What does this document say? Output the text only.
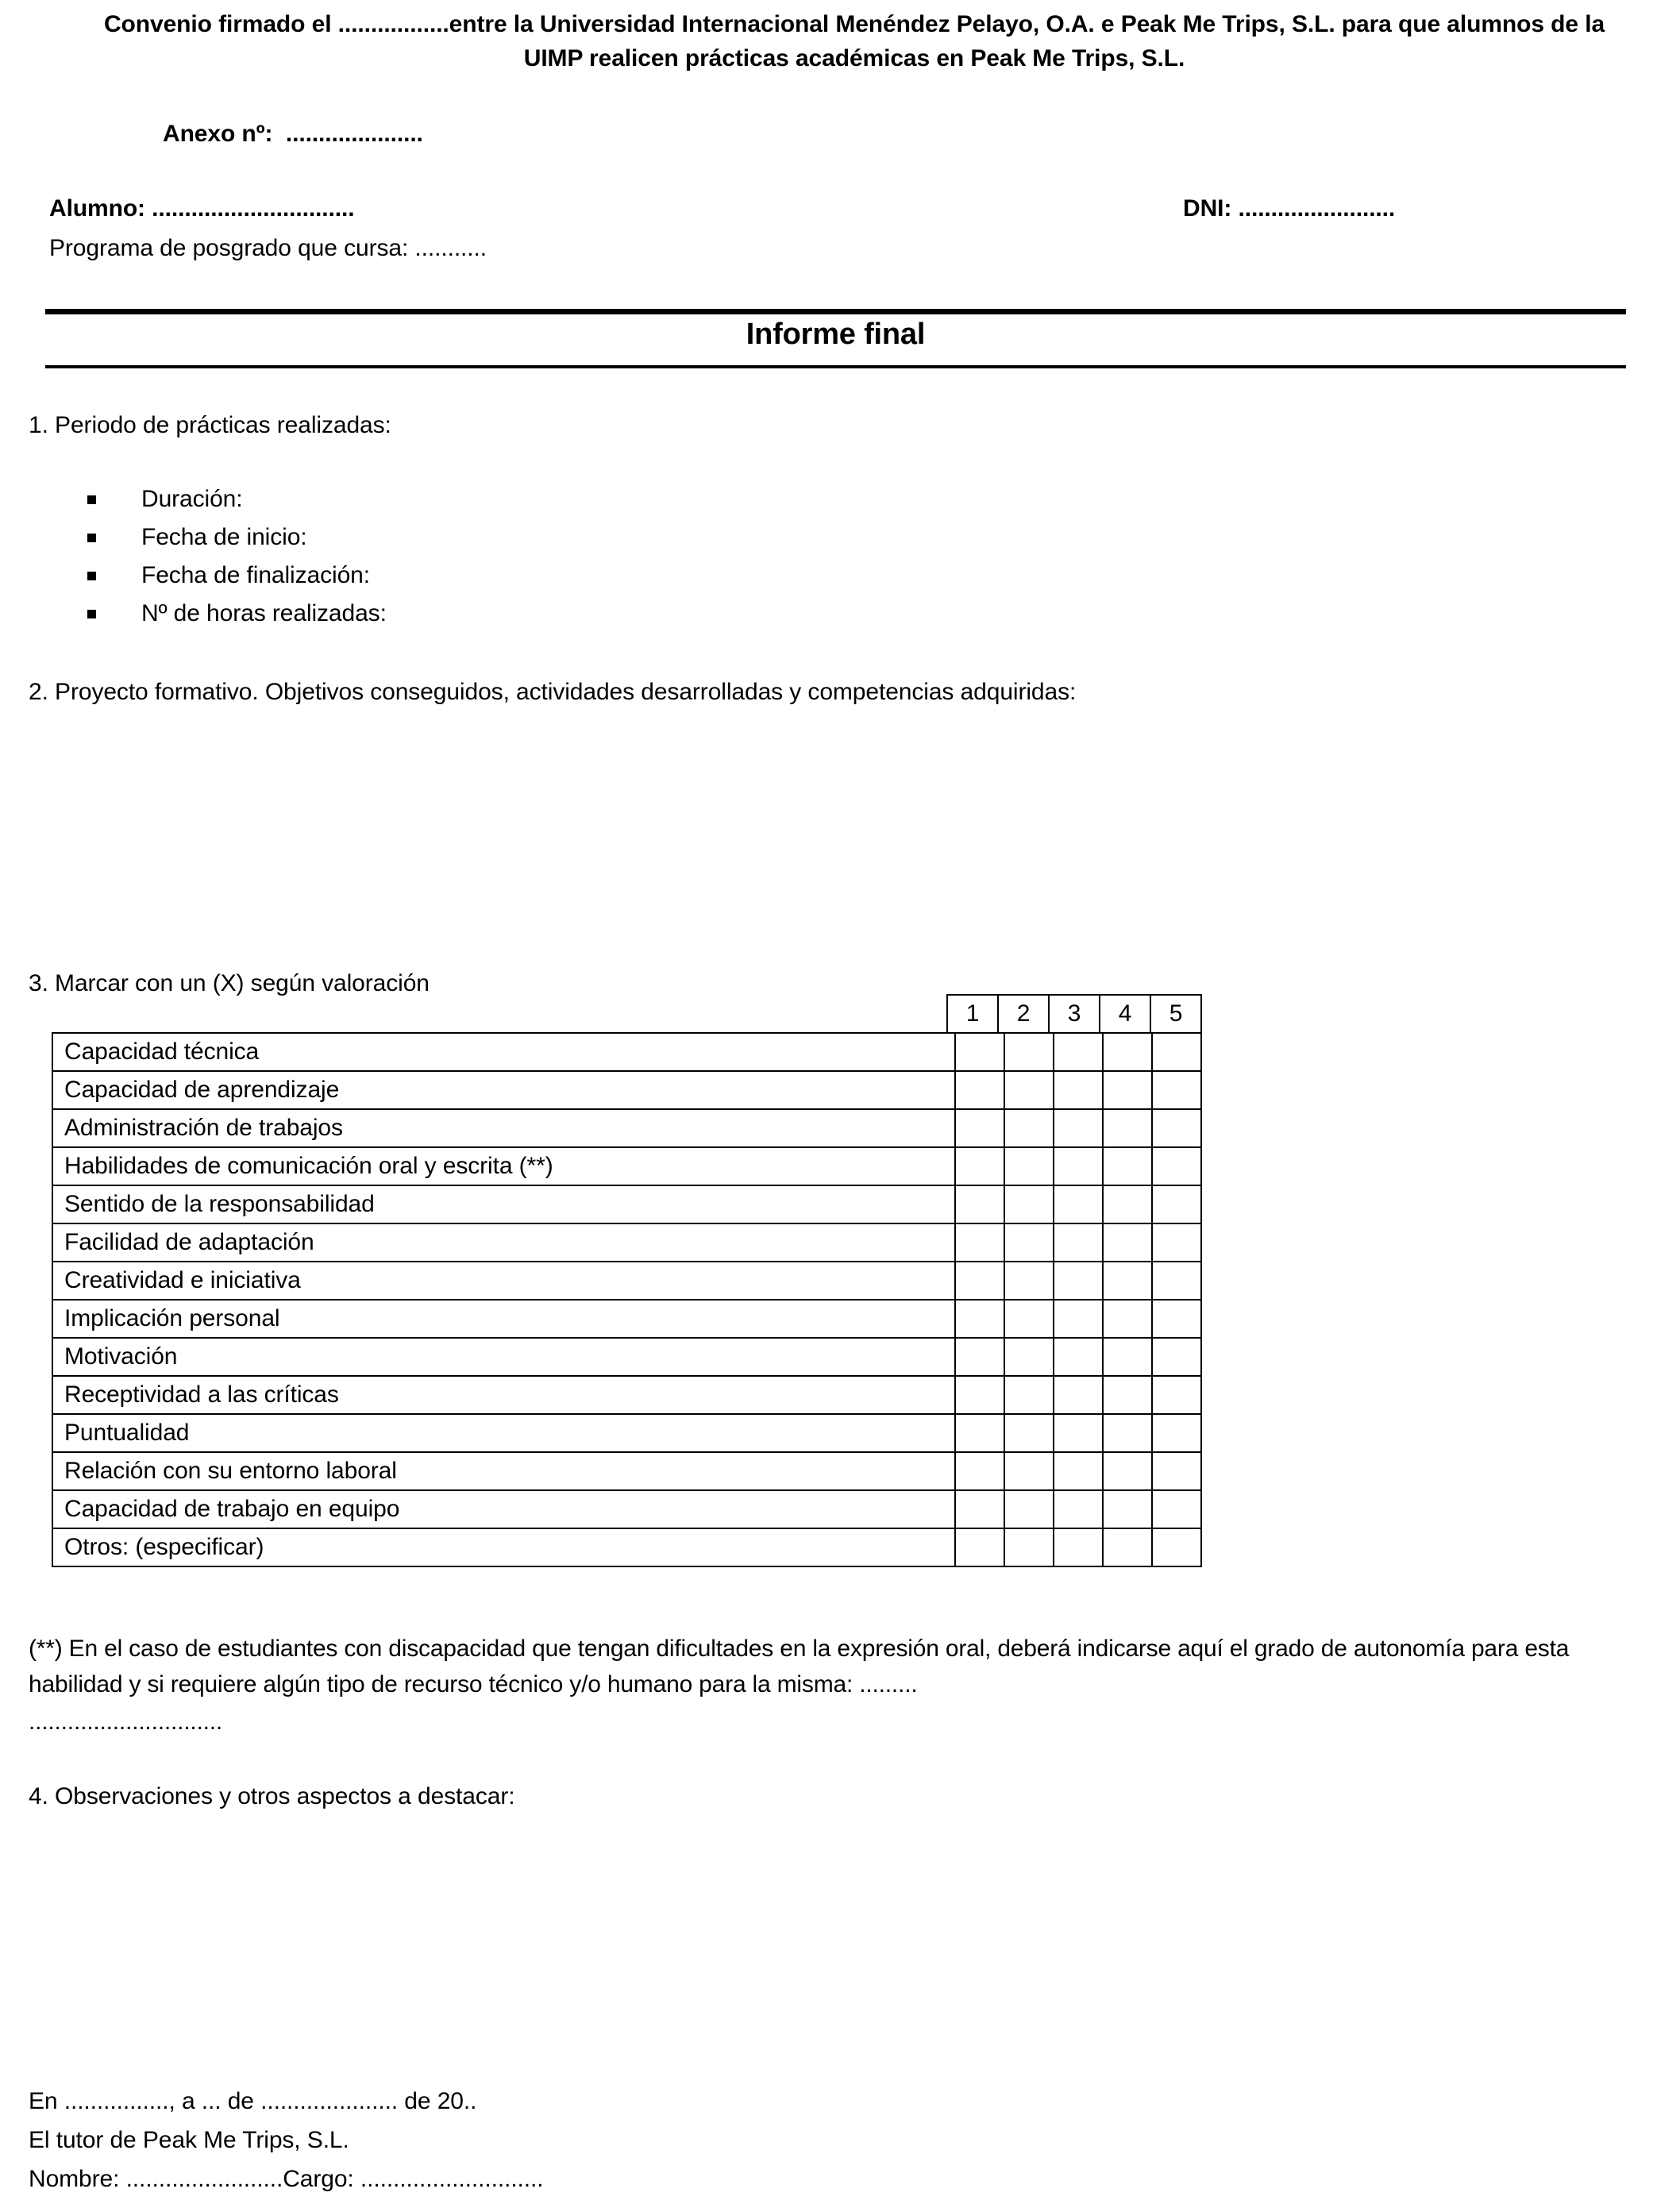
Convenio firmado el .................entre la Universidad Internacional Menéndez Pelayo, O.A. e Peak Me Trips, S.L. para que alumnos de la UIMP realicen prácticas académicas en Peak Me Trips, S.L.
Anexo nº:  .....................
Alumno: ...............................	DNI: ........................
Programa de posgrado que cursa: ...........
Informe final
1. Periodo de prácticas realizadas:
Duración:
Fecha de inicio:
Fecha de finalización:
Nº de horas realizadas:
2. Proyecto formativo. Objetivos conseguidos, actividades desarrolladas y competencias adquiridas:
3. Marcar con un (X) según valoración
1	2	3	4	5
Capacidad técnica					
Capacidad de aprendizaje					
Administración de trabajos					
Habilidades de comunicación oral y escrita (**)					
Sentido de la responsabilidad					
Facilidad de adaptación					
Creatividad e iniciativa					
Implicación personal					
Motivación					
Receptividad a las críticas					
Puntualidad					
Relación con su entorno laboral					
Capacidad de trabajo en equipo					
Otros: (especificar)					
(**) En el caso de estudiantes con discapacidad que tengan dificultades en la expresión oral, deberá indicarse aquí el grado de autonomía para esta habilidad y si requiere algún tipo de recurso técnico y/o humano para la misma: .........
..............................
4. Observaciones y otros aspectos a destacar:
En ................, a ... de ..................... de 20..
El tutor de Peak Me Trips, S.L.
Nombre: ........................Cargo: ............................
